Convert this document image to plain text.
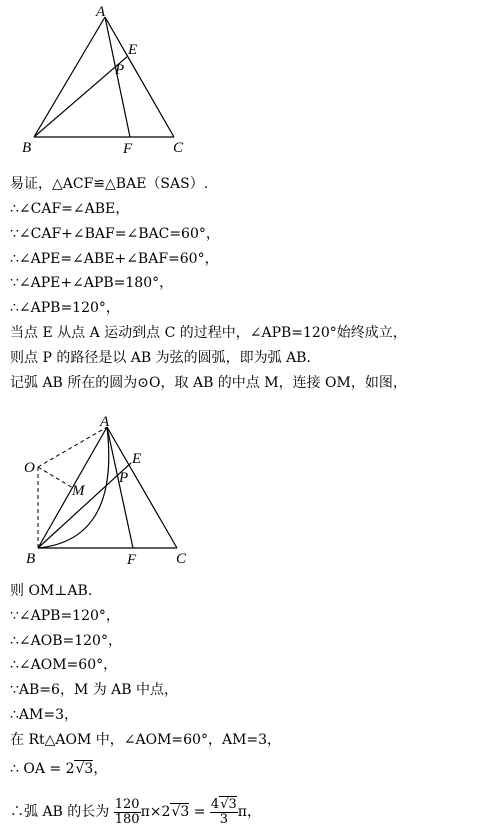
A
B	C
E
F
P
易证，△ACF≌△BAE（SAS）.
∴∠CAF=∠ABE，
∵∠CAF+∠BAF=∠BAC=60°，
∴∠APE=∠ABE+∠BAF=60°，
∵∠APE+∠APB=180°，
∴∠APB=120°，
当点 E 从点 A 运动到点 C 的过程中，∠APB=120°始终成立，
则点 P 的路径是以 AB 为弦的圆弧，即为弧 AB.
记弧 AB 所在的圆为⊙O，取 AB 的中点 M，连接 OM，如图，
A
B	C
E
F
P
O
M
则 OM⊥AB.
∵∠APB=120°，
∴∠AOB=120°，
∴∠AOM=60°，
∵AB=6，M 为 AB 中点，
∴AM=3，
在 Rt△AOM 中，∠AOM=60°，AM=3，
∴ OA = 2√3，
∴弧 AB 的长为 $\frac{120}{180} \pi\times 2√3 = \frac{4√3}{3}$ π，
